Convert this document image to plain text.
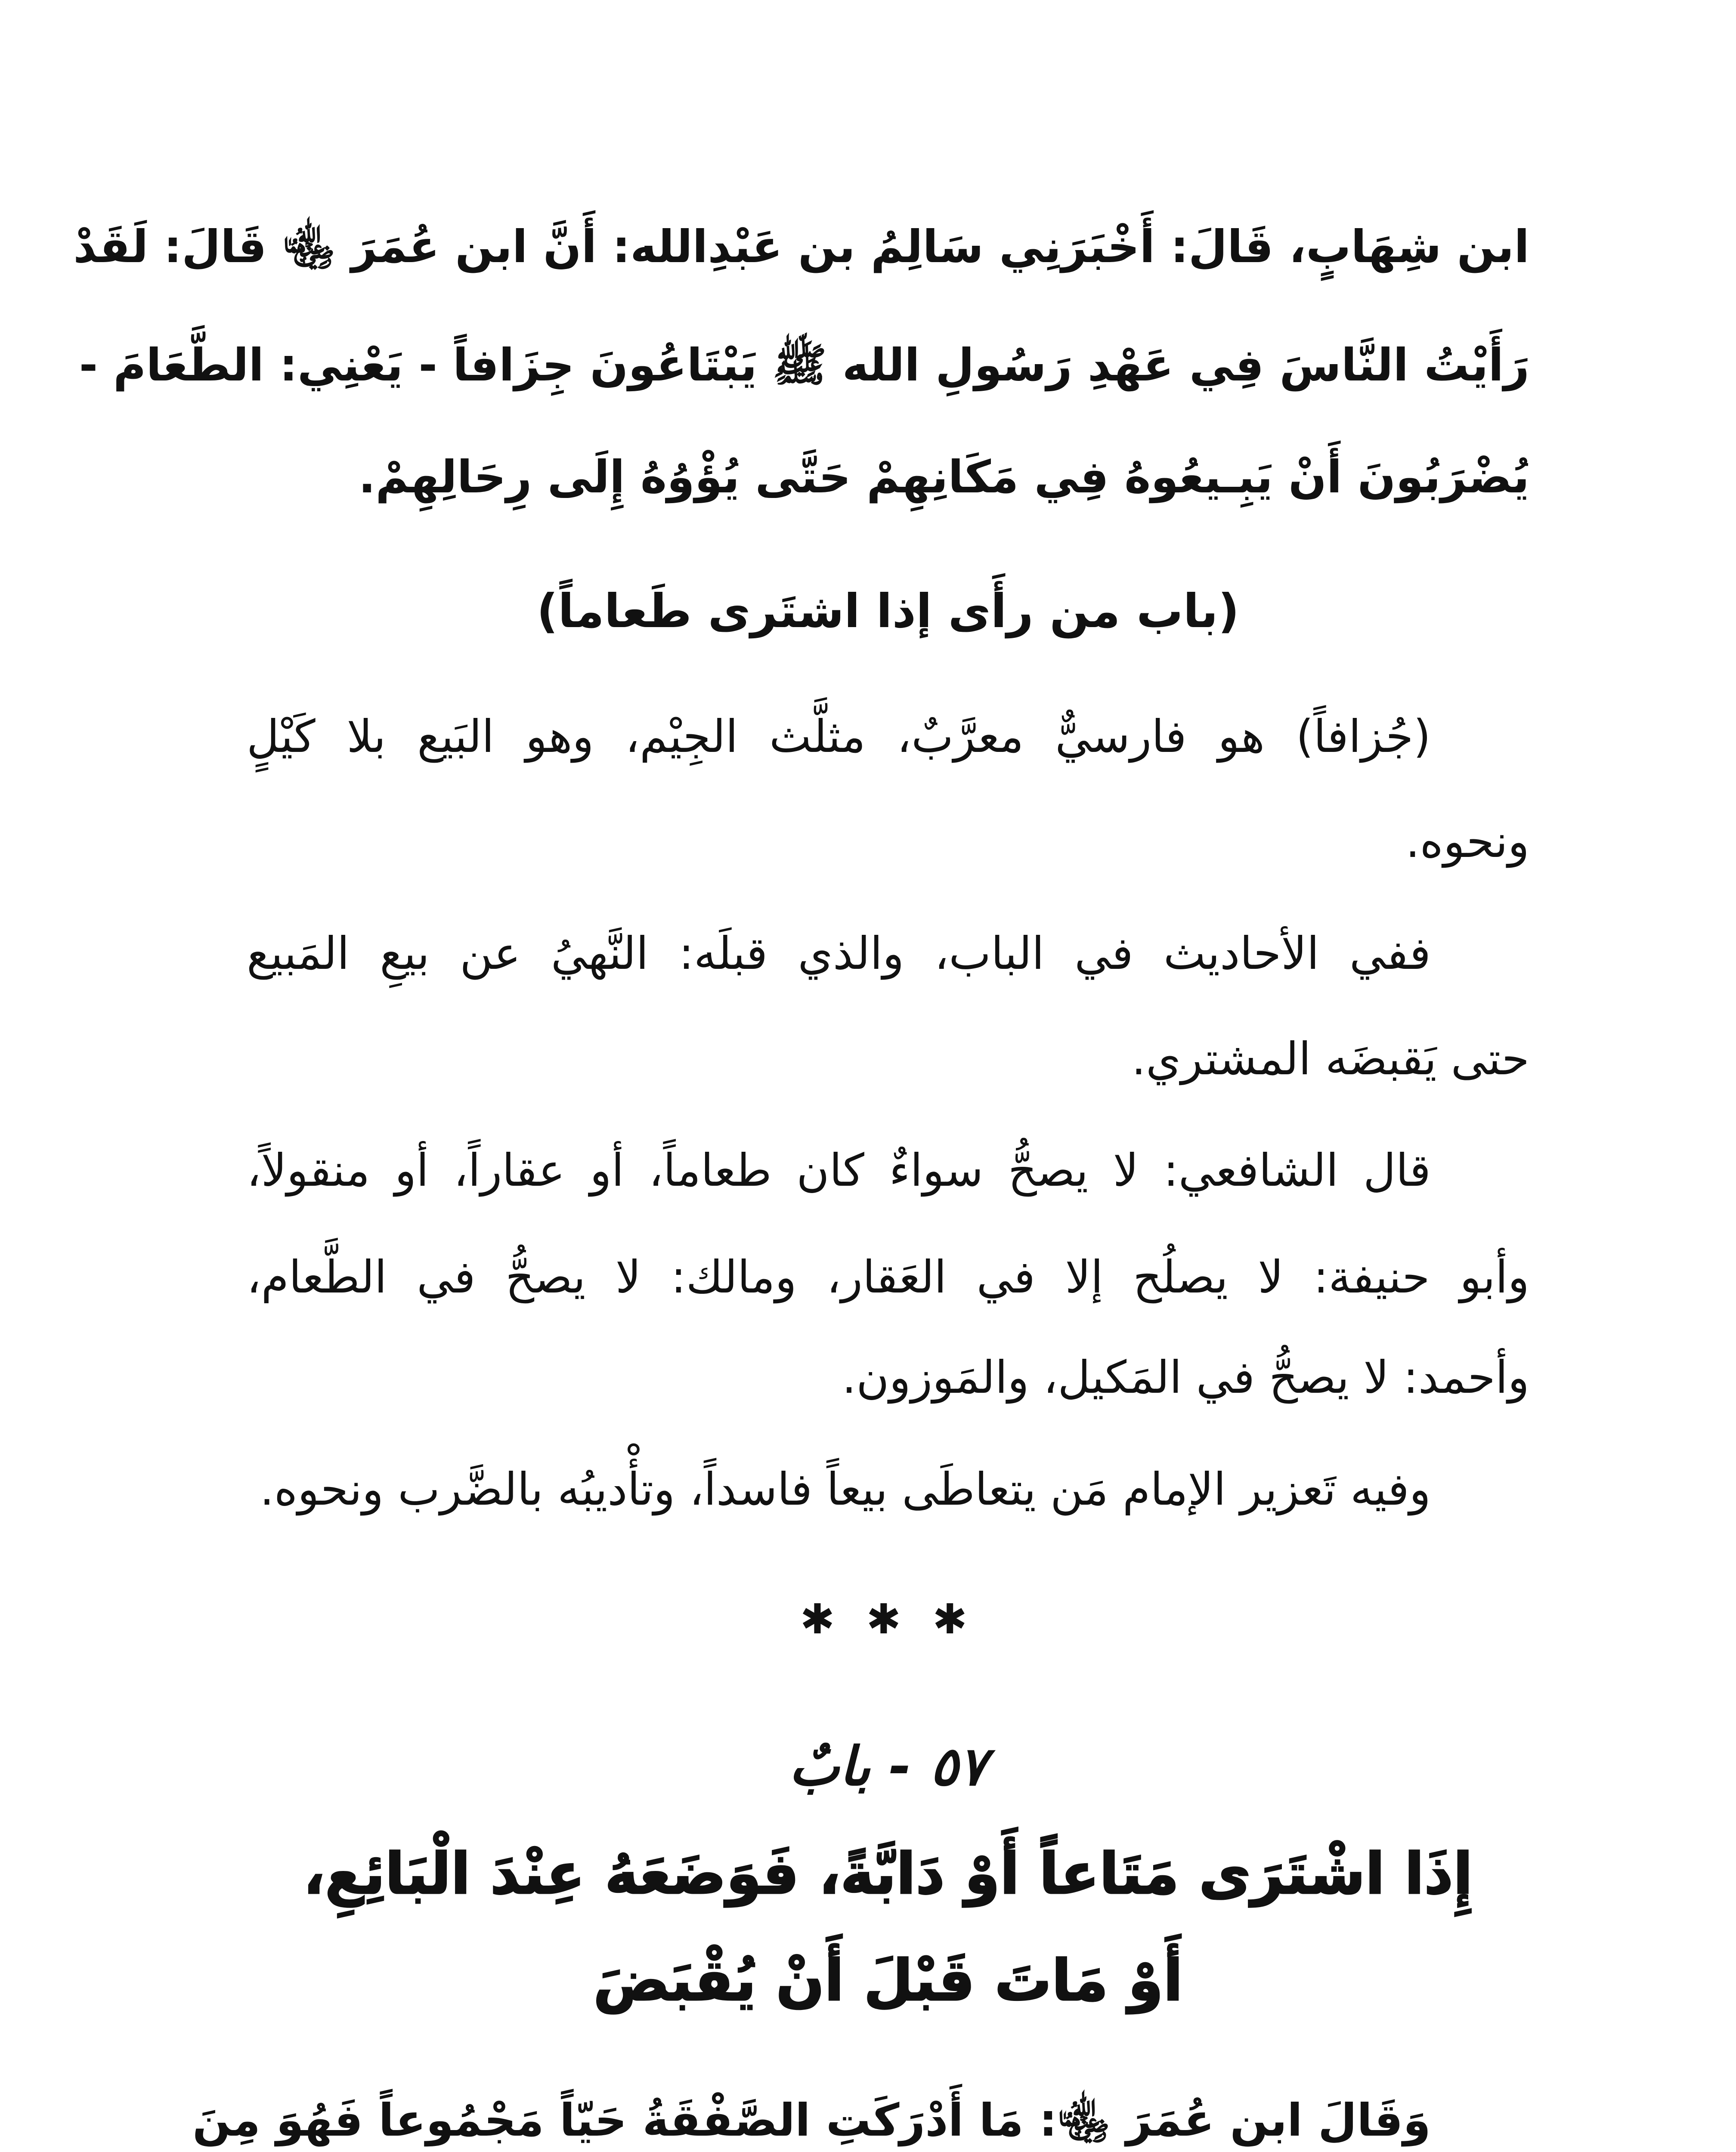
ابن شِهَابٍ، قَالَ: أَخْبَرَنِي سَالِمُ بن عَبْدِالله: أَنَّ ابن عُمَرَ ﵄ قَالَ: لَقَدْ
رَأَيْتُ النَّاسَ فِي عَهْدِ رَسُولِ الله ﷺ يَبْتَاعُونَ جِزَافاً - يَعْنِي: الطَّعَامَ -
يُضْرَبُونَ أَنْ يَبِـيعُوهُ فِي مَكَانِهِمْ حَتَّى يُؤْوُهُ إِلَى رِحَالِهِمْ.
(باب من رأَى إذا اشتَرى طَعاماً)
(جُزافاً) هو فارسيٌّ معرَّبٌ، مثلَّث الجِيْم، وهو البَيع بلا كَيْلٍ
ونحوه.
ففي الأحاديث في الباب، والذي قبلَه: النَّهيُ عن بيعِ المَبيع
حتى يَقبضَه المشتري.
قال الشافعي: لا يصحُّ سواءٌ كان طعاماً، أو عقاراً، أو منقولاً،
وأبو حنيفة: لا يصلُح إلا في العَقار، ومالك: لا يصحُّ في الطَّعام،
وأحمد: لا يصحُّ في المَكيل، والمَوزون.
وفيه تَعزير الإمام مَن يتعاطَى بيعاً فاسداً، وتأْديبُه بالضَّرب ونحوه.
✱ ✱ ✱
٥٧ - بابٌ
إِذَا اشْتَرَى مَتَاعاً أَوْ دَابَّةً، فَوَضَعَهُ عِنْدَ الْبَائِعِ،
أَوْ مَاتَ قَبْلَ أَنْ يُقْبَضَ
وَقَالَ ابن عُمَرَ ﵄: مَا أَدْرَكَتِ الصَّفْقَةُ حَيّاً مَجْمُوعاً فَهُوَ مِنَ
